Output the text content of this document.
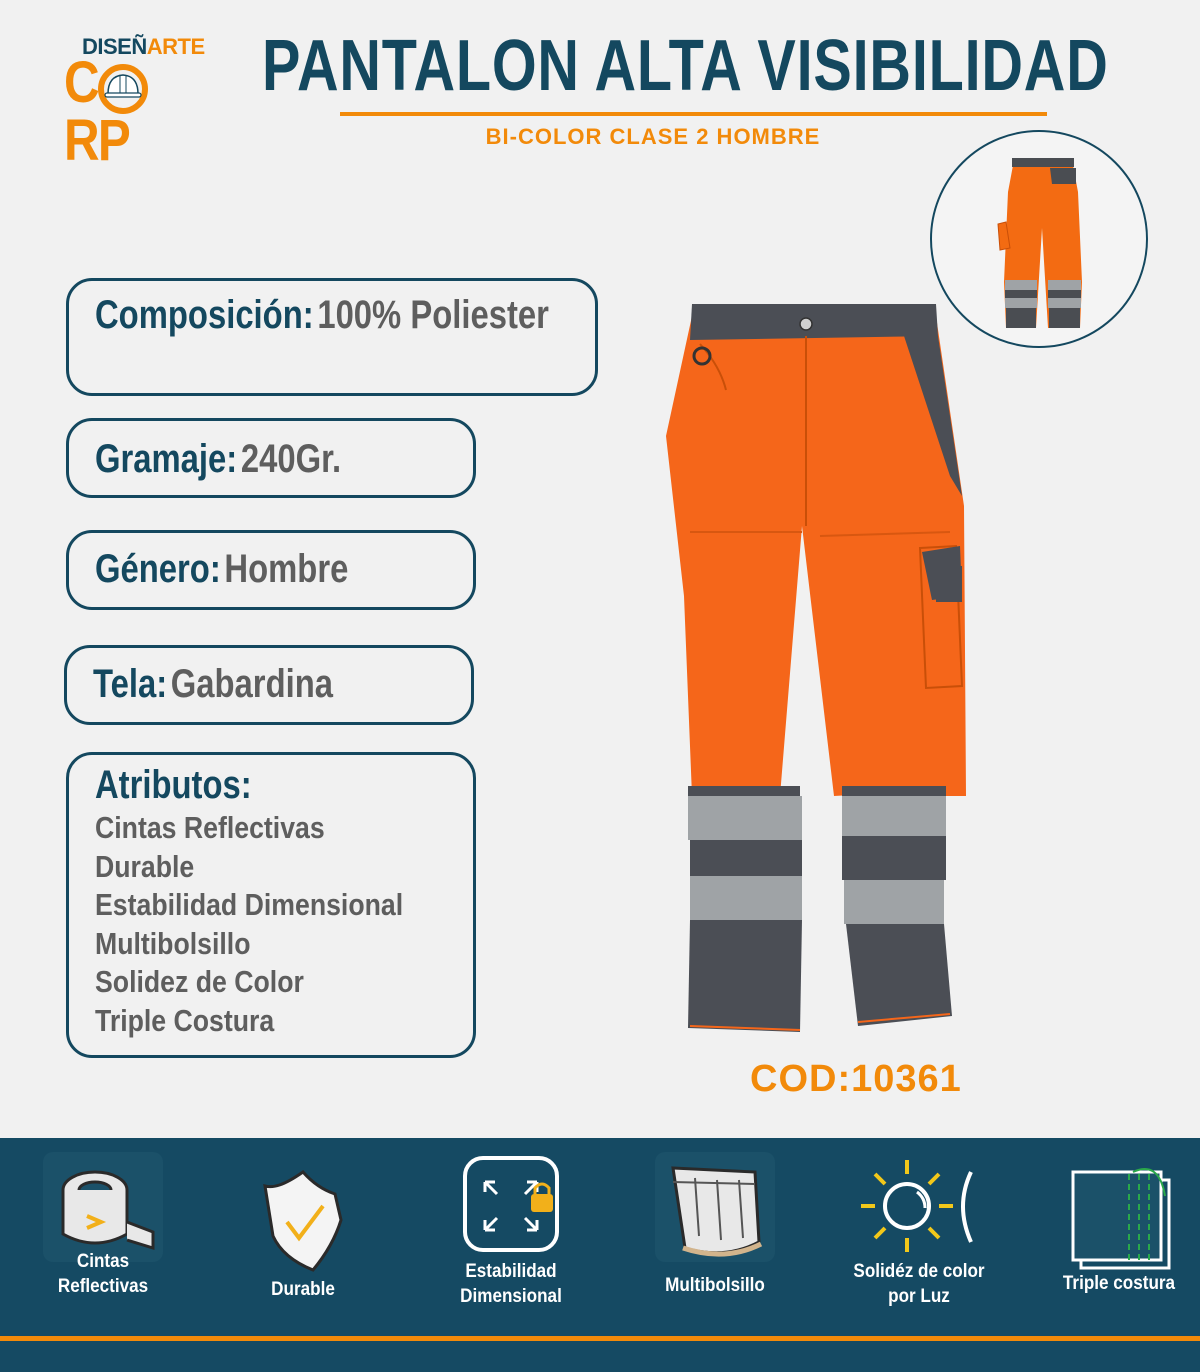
DISEÑARTE
CRP
PANTALON ALTA VISIBILIDAD
BI-COLOR CLASE 2 HOMBRE
Composición: 100% Poliester
Gramaje: 240Gr.
Género: Hombre
Tela: Gabardina
Atributos:
Cintas Reflectivas
Durable
Estabilidad Dimensional
Multibolsillo
Solidez de Color
Triple Costura
COD:10361
Cintas
Reflectivas	Durable
Estabilidad
Dimensional
Multibolsillo
Solidéz de color
por Luz
Triple costura
